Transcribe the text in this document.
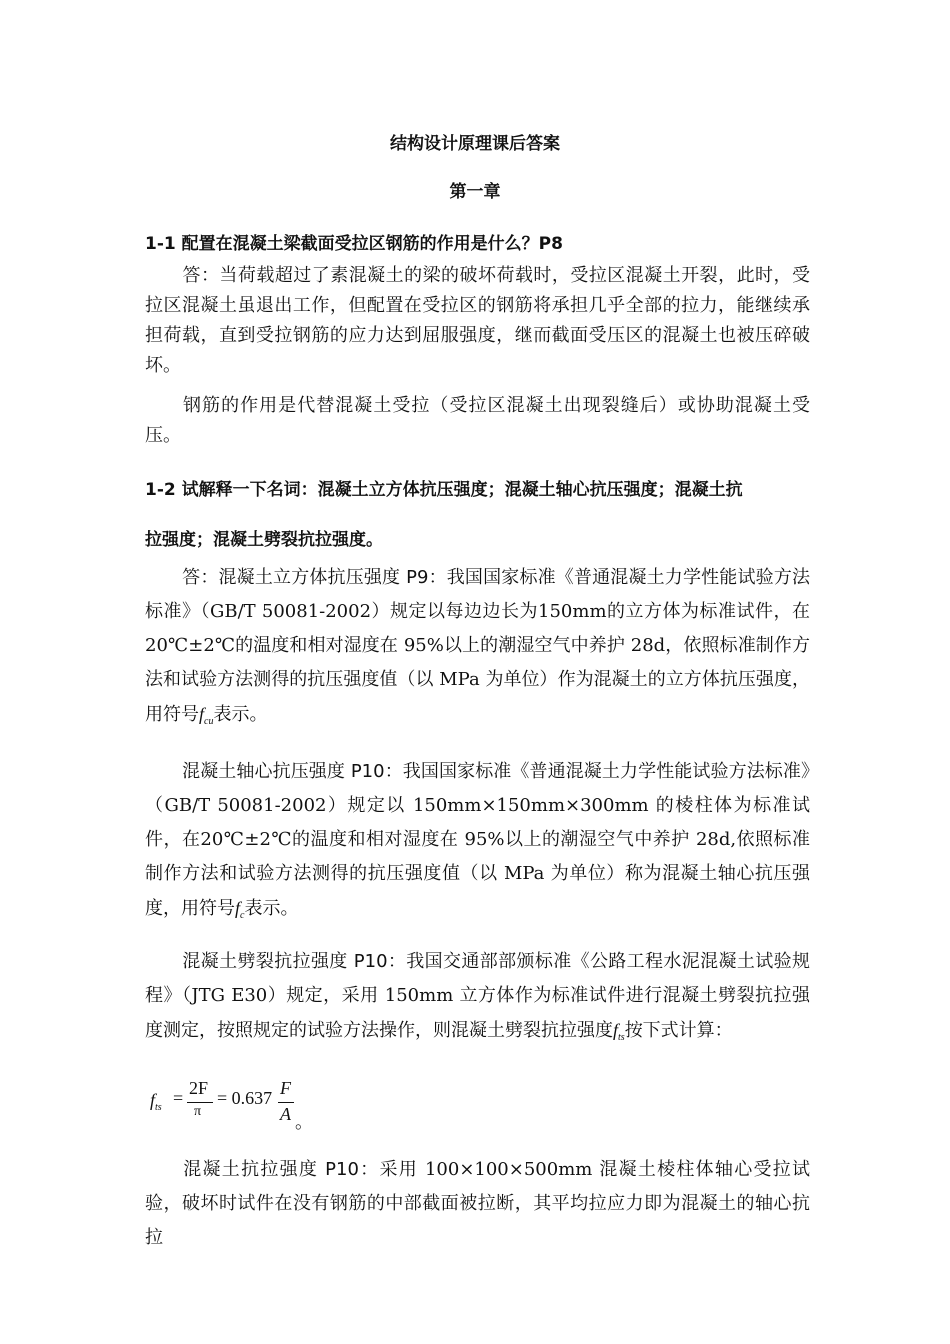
结构设计原理课后答案
第一章
1-1 配置在混凝土梁截面受拉区钢筋的作用是什么？P8
答：当荷载超过了素混凝土的梁的破坏荷载时，受拉区混凝土开裂，此时，受拉区混凝土虽退出工作，但配置在受拉区的钢筋将承担几乎全部的拉力，能继续承担荷载，直到受拉钢筋的应力达到屈服强度，继而截面受压区的混凝土也被压碎破坏。
钢筋的作用是代替混凝土受拉（受拉区混凝土出现裂缝后）或协助混凝土受压。
1-2 试解释一下名词：混凝土立方体抗压强度；混凝土轴心抗压强度；混凝土抗
拉强度；混凝土劈裂抗拉强度。
答：混凝土立方体抗压强度 P9：我国国家标准《普通混凝土力学性能试验方法标准》（GB/T 50081-2002）规定以每边边长为150mm的立方体为标准试件，在 20℃±2℃的温度和相对湿度在 95%以上的潮湿空气中养护 28d，依照标准制作方法和试验方法测得的抗压强度值（以 MPa 为单位）作为混凝土的立方体抗压强度，用符号$f_{cu}$表示。
混凝土轴心抗压强度 P10：我国国家标准《普通混凝土力学性能试验方法标准》（GB/T 50081-2002）规定以 150mm×150mm×300mm 的棱柱体为标准试件，在20℃±2℃的温度和相对湿度在 95%以上的潮湿空气中养护 28d,依照标准制作方法和试验方法测得的抗压强度值（以 MPa 为单位）称为混凝土轴心抗压强度，用符号$f_c$表示。
混凝土劈裂抗拉强度 P10：我国交通部部颁标准《公路工程水泥混凝土试验规程》（JTG E30）规定，采用 150mm 立方体作为标准试件进行混凝土劈裂抗拉强度测定，按照规定的试验方法操作，则混凝土劈裂抗拉强度$f_{ts}$按下式计算：
$f_{ts} = 2F$
π
= 0.637 F
A 。
混凝土抗拉强度 P10：采用 100×100×500mm 混凝土棱柱体轴心受拉试验，破坏时试件在没有钢筋的中部截面被拉断，其平均拉应力即为混凝土的轴心抗拉
